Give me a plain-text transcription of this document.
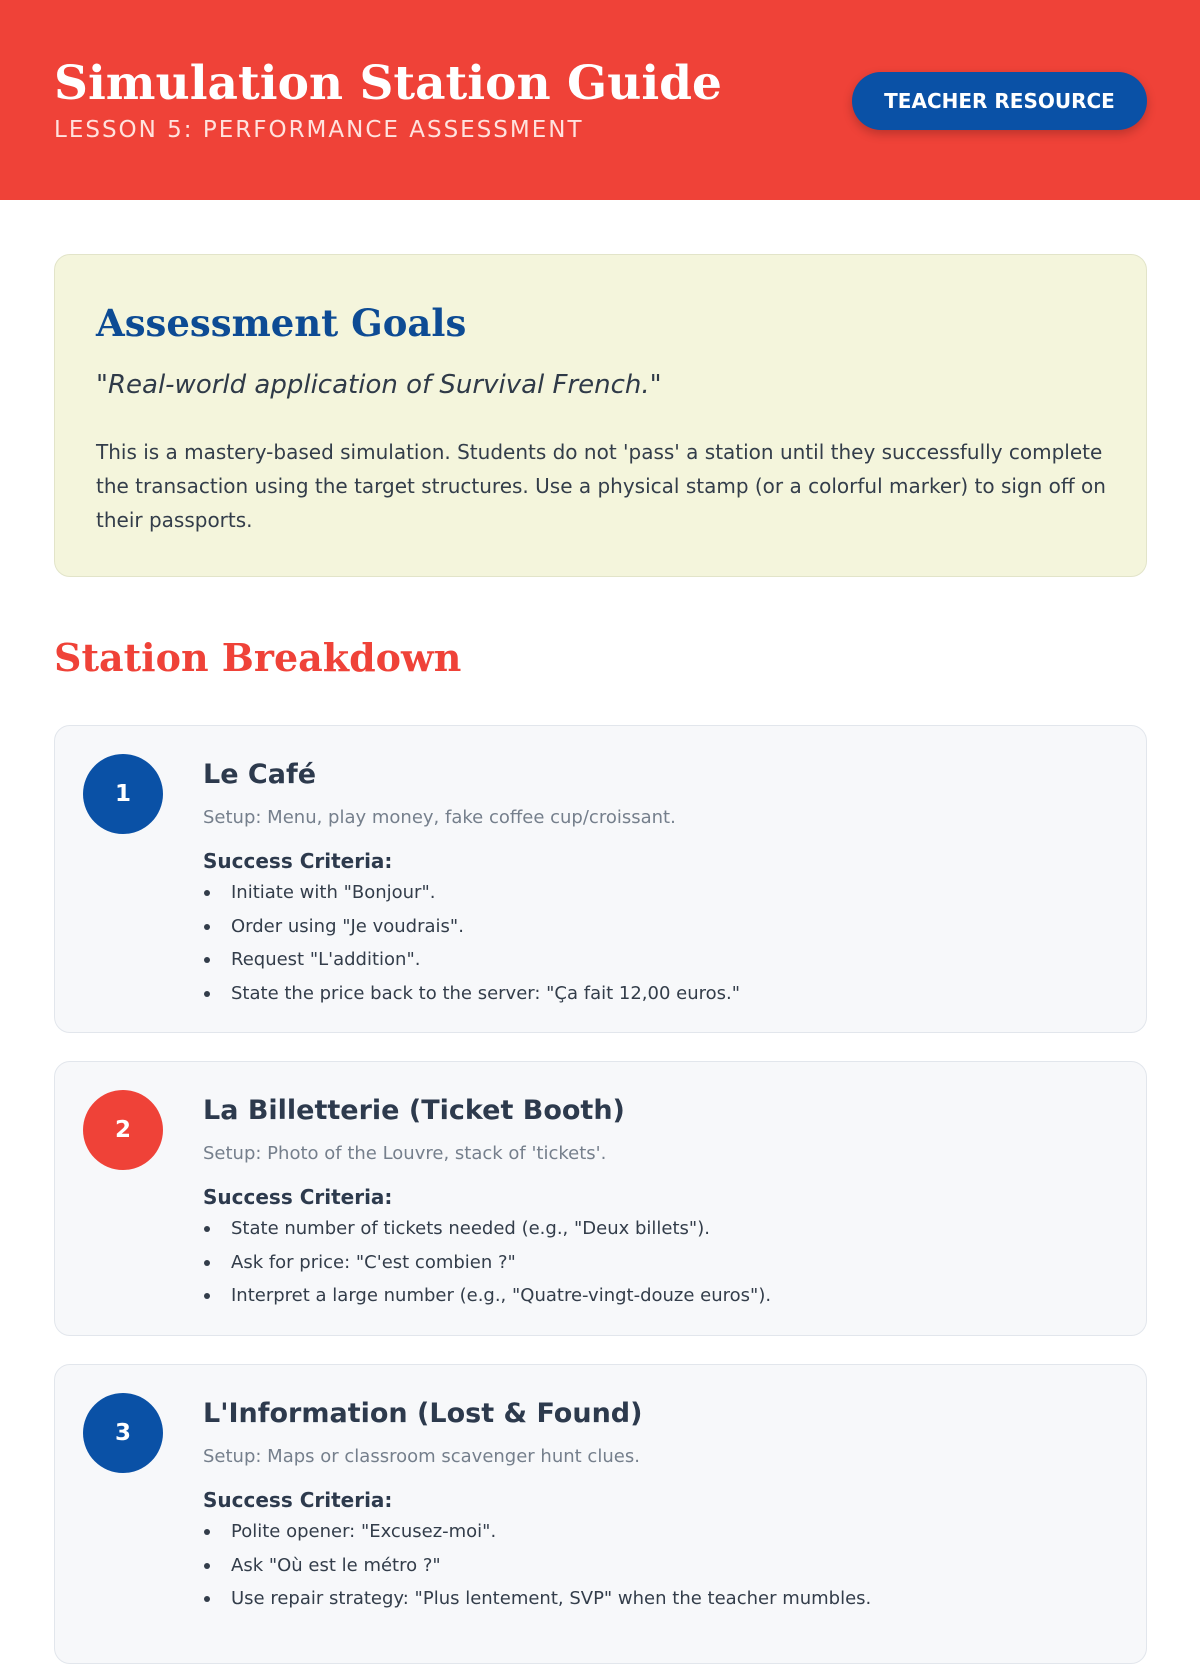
Simulation Station Guide
LESSON 5: PERFORMANCE ASSESSMENT
TEACHER RESOURCE
Assessment Goals
"Real-world application of Survival French."
This is a mastery-based simulation. Students do not 'pass' a station until they successfully complete the transaction using the target structures. Use a physical stamp (or a colorful marker) to sign off on their passports.
Station Breakdown
1
Le Café
Setup: Menu, play money, fake coffee cup/croissant.
Success Criteria:
Initiate with "Bonjour".
Order using "Je voudrais".
Request "L'addition".
State the price back to the server: "Ça fait 12,00 euros."
2
La Billetterie (Ticket Booth)
Setup: Photo of the Louvre, stack of 'tickets'.
Success Criteria:
State number of tickets needed (e.g., "Deux billets").
Ask for price: "C'est combien ?"
Interpret a large number (e.g., "Quatre-vingt-douze euros").
3
L'Information (Lost & Found)
Setup: Maps or classroom scavenger hunt clues.
Success Criteria:
Polite opener: "Excusez-moi".
Ask "Où est le métro ?"
Use repair strategy: "Plus lentement, SVP" when the teacher mumbles.
